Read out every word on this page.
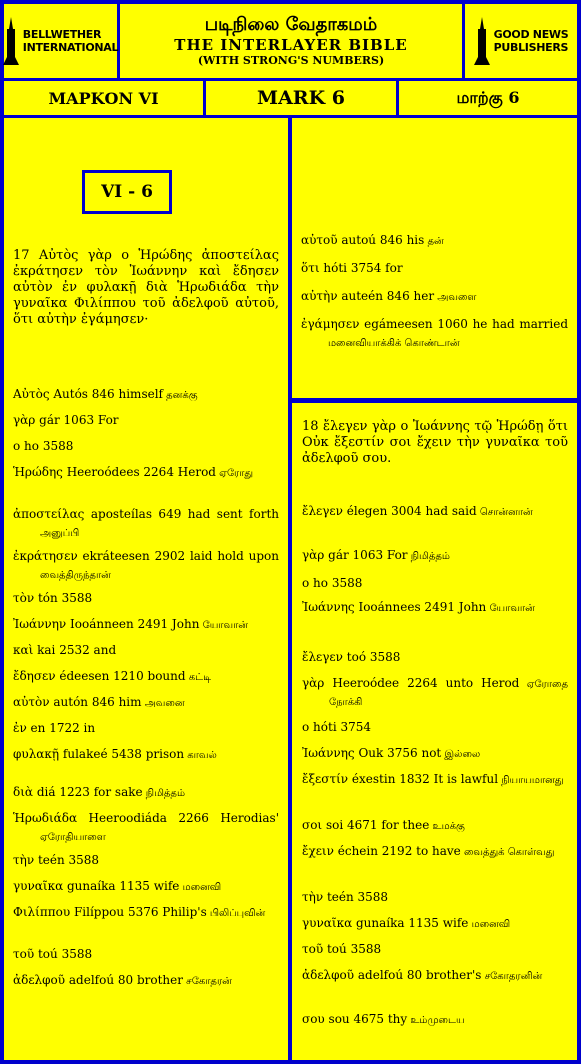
BELLWETHER
INTERNATIONAL
படிநிலை வேதாகமம்
THE INTERLAYER BIBLE
(WITH STRONG'S NUMBERS)
GOOD NEWS
PUBLISHERS
ΜΑΡΚΟΝ VI	MARK 6	மாற்கு 6
VI - 6
17 Αὐτὸς γὰρ ο Ἡρώδης ἀποστείλας ἐκράτησεν τὸν Ἰωάννην καὶ ἔδησεν αὐτὸν ἐν φυλακῇ διὰ Ἡρωδιάδα τὴν γυναῖκα Φιλίππου τοῦ ἀδελφοῦ αὐτοῦ, ὅτι αὐτὴν ἐγάμησεν·
Αὐτὸς Autós 846 himself தனக்கு
γὰρ gár 1063 For
ο ho 3588
Ἡρώδης Heeroódees 2264 Herod ஏரோது
ἀποστείλας aposteílas 649 had sent forth அனுப்பி
ἐκράτησεν ekráteesen 2902 laid hold upon வைத்திருந்தான்
τὸν tón 3588
Ἰωάννην Iooánneen 2491 John யோவான்
καὶ kai 2532 and
ἔδησεν édeesen 1210 bound கட்டி
αὐτὸν autón 846 him அவனை
ἐν en 1722 in
φυλακῇ fulakeé 5438 prison காவல்
διὰ diá 1223 for sake நிமித்தம்
Ἡρωδιάδα Heeroodiáda 2266 Herodias' ஏரோதியாளை
τὴν teén 3588
γυναῖκα gunaíka 1135 wife மனைவி
Φιλίππου Filíppou 5376 Philip's பிலிப்புவின்
τοῦ toú 3588
ἀδελφοῦ adelfoú 80 brother சகோதரன்
αὐτοῦ autoú 846 his தன்
ὅτι hóti 3754 for
αὐτὴν auteén 846 her அவளை
ἐγάμησεν egámeesen 1060 he had married மனைவியாக்கிக் கொண்டான்
18 ἔλεγεν γὰρ ο Ἰωάννης τῷ Ἡρώδῃ ὅτι Οὐκ ἔξεστίν σοι ἔχειν τὴν γυναῖκα τοῦ ἀδελφοῦ σου.
ἔλεγεν élegen 3004 had said சொன்னான்
γὰρ gár 1063 For நிமித்தம்
ο ho 3588
Ἰωάννης Iooánnees 2491 John யோவான்
ἔλεγεν toó 3588
γὰρ Heeroódee 2264 unto Herod ஏரோதை நோக்கி
ο hóti 3754
Ἰωάννης Ouk 3756 not இல்லை
ἔξεστίν éxestin 1832 It is lawful நியாயமானது
σοι soi 4671 for thee உமக்கு
ἔχειν échein 2192 to have வைத்துக் கொள்வது
τὴν teén 3588
γυναῖκα gunaíka 1135 wife மனைவி
τοῦ toú 3588
ἀδελφοῦ adelfoú 80 brother's சகோதரனின்
σου sou 4675 thy உம்முடைய
